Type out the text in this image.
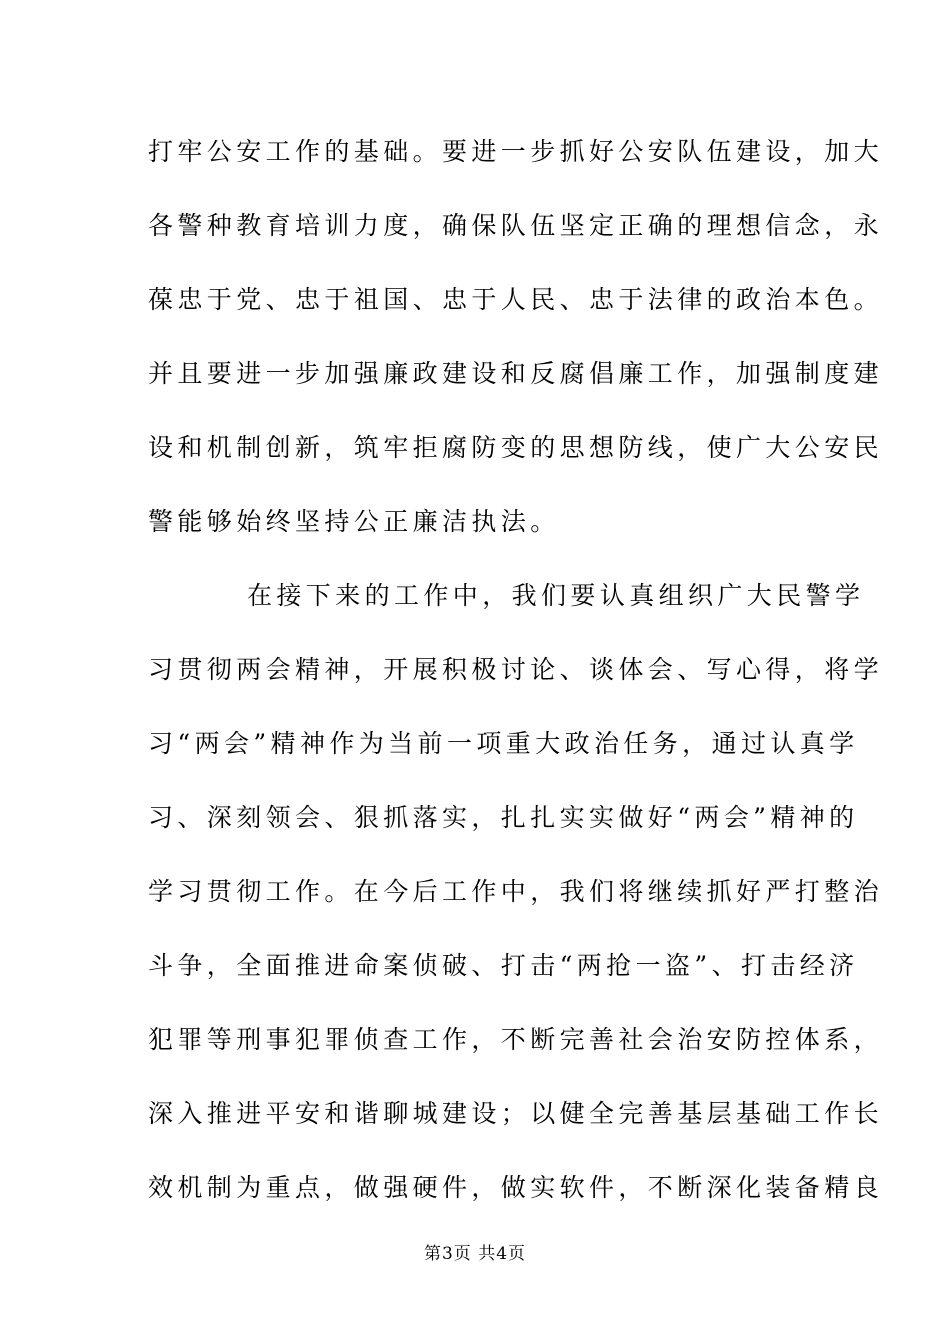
打牢公安工作的基础。要进一步抓好公安队伍建设，加大
各警种教育培训力度，确保队伍坚定正确的理想信念，永
葆忠于党、忠于祖国、忠于人民、忠于法律的政治本色。
并且要进一步加强廉政建设和反腐倡廉工作，加强制度建
设和机制创新，筑牢拒腐防变的思想防线，使广大公安民
警能够始终坚持公正廉洁执法。
在接下来的工作中，我们要认真组织广大民警学
习贯彻两会精神，开展积极讨论、谈体会、写心得，将学
习“两会”精神作为当前一项重大政治任务，通过认真学
习、深刻领会、狠抓落实，扎扎实实做好“两会”精神的
学习贯彻工作。在今后工作中，我们将继续抓好严打整治
斗争，全面推进命案侦破、打击“两抢一盗”、打击经济
犯罪等刑事犯罪侦查工作，不断完善社会治安防控体系，
深入推进平安和谐聊城建设；以健全完善基层基础工作长
效机制为重点，做强硬件，做实软件，不断深化装备精良
第3页 共4页
